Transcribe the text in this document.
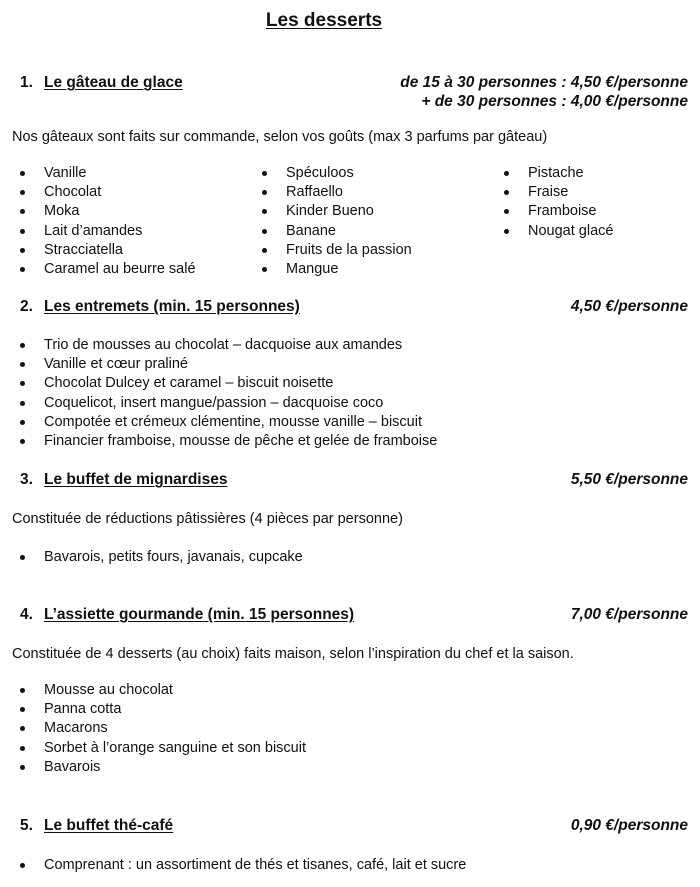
Les desserts
1. Le gâteau de glace	de 15 à 30 personnes : 4,50 €/personne
+ de 30 personnes : 4,00 €/personne
Nos gâteaux sont faits sur commande, selon vos goûts (max 3 parfums par gâteau)
Vanille
Chocolat
Moka
Lait d’amandes
Stracciatella
Caramel au beurre salé
Spéculoos
Raffaello
Kinder Bueno
Banane
Fruits de la passion
Mangue
Pistache
Fraise
Framboise
Nougat glacé
2. Les entremets (min. 15 personnes)	4,50 €/personne
Trio de mousses au chocolat – dacquoise aux amandes
Vanille et cœur praliné
Chocolat Dulcey et caramel – biscuit noisette
Coquelicot, insert mangue/passion – dacquoise coco
Compotée et crémeux clémentine, mousse vanille – biscuit
Financier framboise, mousse de pêche et gelée de framboise
3. Le buffet de mignardises	5,50 €/personne
Constituée de réductions pâtissières (4 pièces par personne)
Bavarois, petits fours, javanais, cupcake
4. L’assiette gourmande (min. 15 personnes)	7,00 €/personne
Constituée de 4 desserts (au choix) faits maison, selon l’inspiration du chef et la saison.
Mousse au chocolat
Panna cotta
Macarons
Sorbet à l’orange sanguine et son biscuit
Bavarois
5. Le buffet thé-café	0,90 €/personne
Comprenant : un assortiment de thés et tisanes, café, lait et sucre
